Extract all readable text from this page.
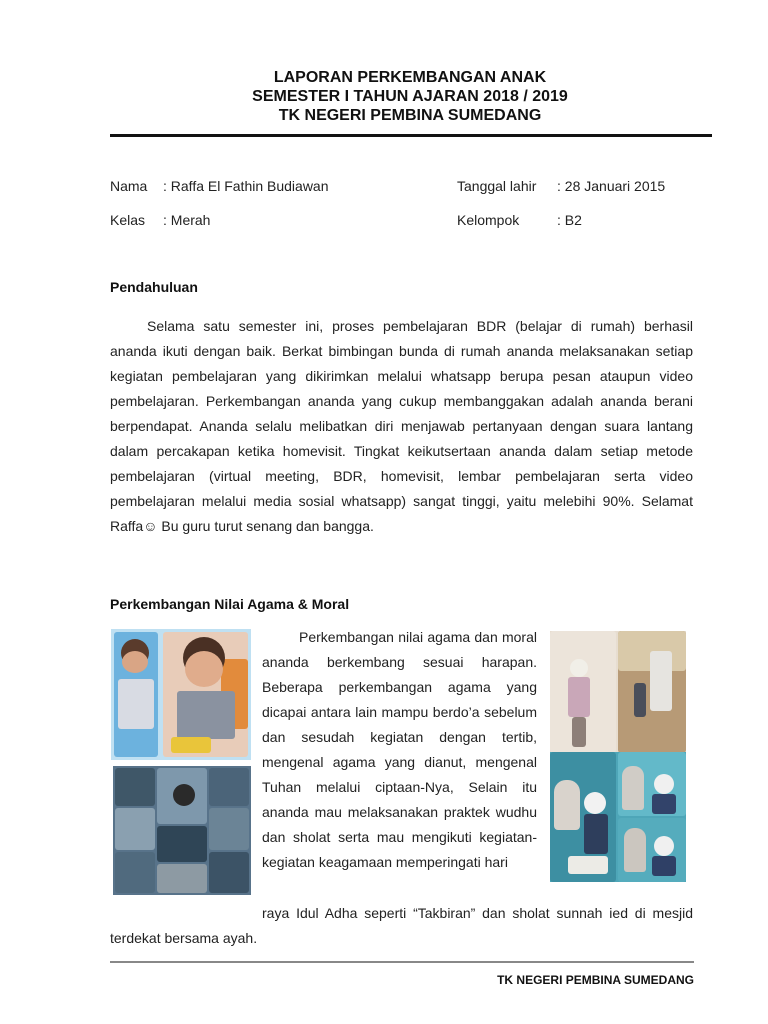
LAPORAN PERKEMBANGAN ANAK
SEMESTER I TAHUN AJARAN 2018 / 2019
TK NEGERI PEMBINA SUMEDANG
Nama : Raffa El Fathin Budiawan
Kelas : Merah
Tanggal lahir : 28 Januari 2015
Kelompok	: B2
Pendahuluan
Selama satu semester ini, proses pembelajaran BDR (belajar di rumah) berhasil ananda ikuti dengan baik. Berkat bimbingan bunda di rumah ananda melaksanakan setiap kegiatan pembelajaran yang dikirimkan melalui whatsapp berupa pesan ataupun video pembelajaran. Perkembangan ananda yang cukup membanggakan adalah ananda berani berpendapat. Ananda selalu melibatkan diri menjawab pertanyaan dengan suara lantang dalam percakapan ketika homevisit. Tingkat keikutsertaan ananda dalam setiap metode pembelajaran (virtual meeting, BDR, homevisit, lembar pembelajaran serta video pembelajaran melalui media sosial whatsapp) sangat tinggi, yaitu melebihi 90%. Selamat Raffa☺ Bu guru turut senang dan bangga.
Perkembangan Nilai Agama & Moral
Perkembangan nilai agama dan moral ananda berkembang sesuai harapan. Beberapa perkembangan agama yang dicapai antara lain mampu berdo’a sebelum dan sesudah kegiatan dengan tertib, mengenal agama yang dianut, mengenal Tuhan melalui ciptaan-Nya, Selain itu ananda mau melaksanakan praktek wudhu dan sholat serta mau mengikuti kegiatan-kegiatan keagamaan memperingati hari
raya Idul Adha seperti “Takbiran” dan sholat sunnah ied di mesjid terdekat bersama ayah.
TK NEGERI PEMBINA SUMEDANG
